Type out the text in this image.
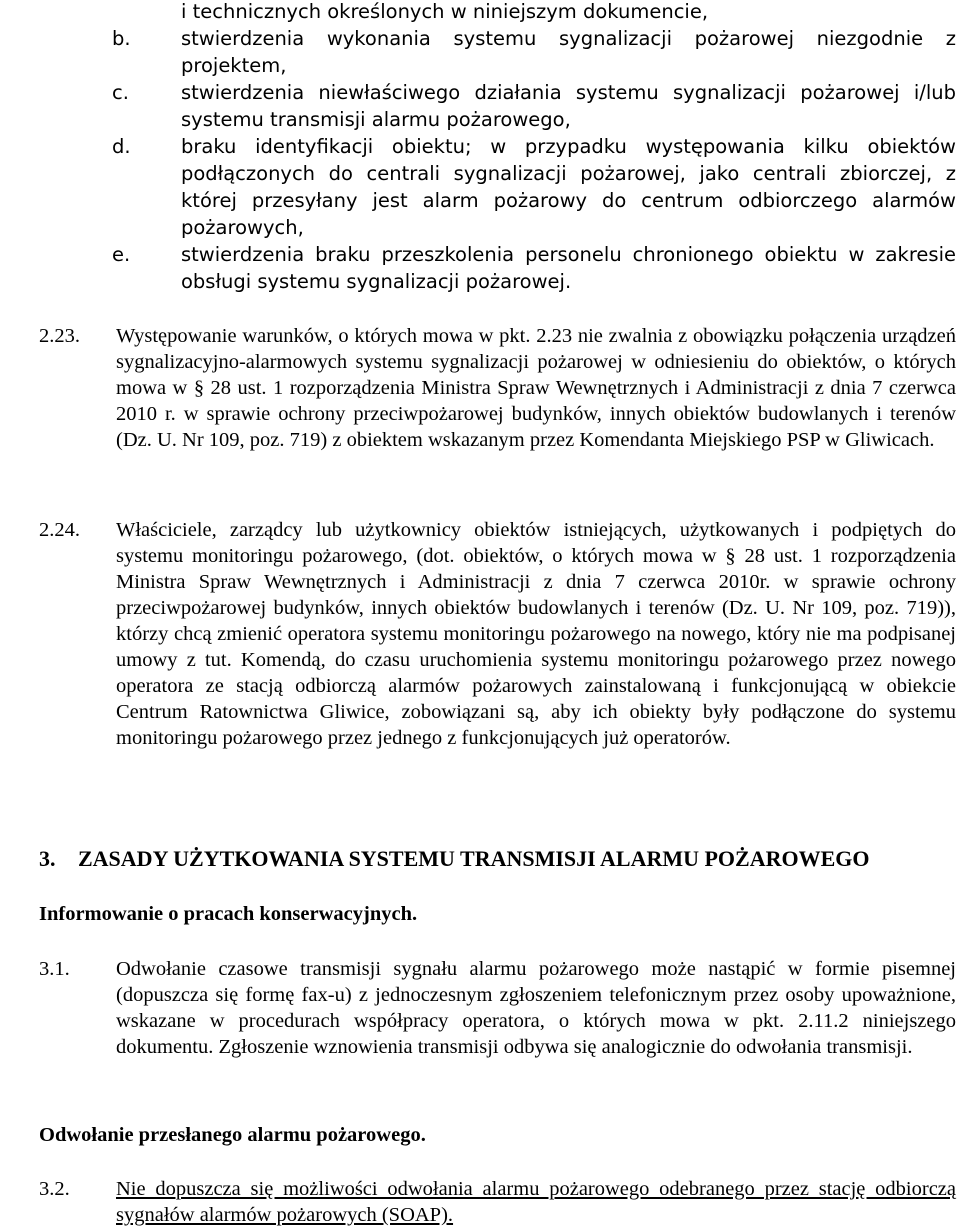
i technicznych określonych w niniejszym dokumencie,
b.	stwierdzenia wykonania systemu sygnalizacji pożarowej niezgodnie z projektem,
c.	stwierdzenia niewłaściwego działania systemu sygnalizacji pożarowej i/lub systemu transmisji alarmu pożarowego,
d.	braku identyfikacji obiektu; w przypadku występowania kilku obiektów podłączonych do centrali sygnalizacji pożarowej, jako centrali zbiorczej, z której przesyłany jest alarm pożarowy do centrum odbiorczego alarmów pożarowych,
e.	stwierdzenia braku przeszkolenia personelu chronionego obiektu w zakresie obsługi systemu sygnalizacji pożarowej.
2.23. Występowanie warunków, o których mowa w pkt. 2.23 nie zwalnia z obowiązku połączenia urządzeń sygnalizacyjno-alarmowych systemu sygnalizacji pożarowej w odniesieniu do obiektów, o których mowa w § 28 ust. 1 rozporządzenia Ministra Spraw Wewnętrznych i Administracji z dnia 7 czerwca 2010 r. w sprawie ochrony przeciwpożarowej budynków, innych obiektów budowlanych i terenów (Dz. U. Nr 109, poz. 719) z obiektem wskazanym przez Komendanta Miejskiego PSP w Gliwicach.
2.24. Właściciele, zarządcy lub użytkownicy obiektów istniejących, użytkowanych i podpiętych do systemu monitoringu pożarowego, (dot. obiektów, o których mowa w § 28 ust. 1 rozporządzenia Ministra Spraw Wewnętrznych i Administracji z dnia 7 czerwca 2010r. w sprawie ochrony przeciwpożarowej budynków, innych obiektów budowlanych i terenów (Dz. U. Nr 109, poz. 719)), którzy chcą zmienić operatora systemu monitoringu pożarowego na nowego, który nie ma podpisanej umowy z tut. Komendą, do czasu uruchomienia systemu monitoringu pożarowego przez nowego operatora ze stacją odbiorczą alarmów pożarowych zainstalowaną i funkcjonującą w obiekcie Centrum Ratownictwa Gliwice, zobowiązani są, aby ich obiekty były podłączone do systemu monitoringu pożarowego przez jednego z funkcjonujących już operatorów.
3. ZASADY UŻYTKOWANIA SYSTEMU TRANSMISJI ALARMU POŻAROWEGO
Informowanie o pracach konserwacyjnych.
3.1. Odwołanie czasowe transmisji sygnału alarmu pożarowego może nastąpić w formie pisemnej (dopuszcza się formę fax-u) z jednoczesnym zgłoszeniem telefonicznym przez osoby upoważnione, wskazane w procedurach współpracy operatora, o których mowa w pkt. 2.11.2 niniejszego dokumentu. Zgłoszenie wznowienia transmisji odbywa się analogicznie do odwołania transmisji.
Odwołanie przesłanego alarmu pożarowego.
3.2. Nie dopuszcza się możliwości odwołania alarmu pożarowego odebranego przez stację odbiorczą sygnałów alarmów pożarowych (SOAP).
